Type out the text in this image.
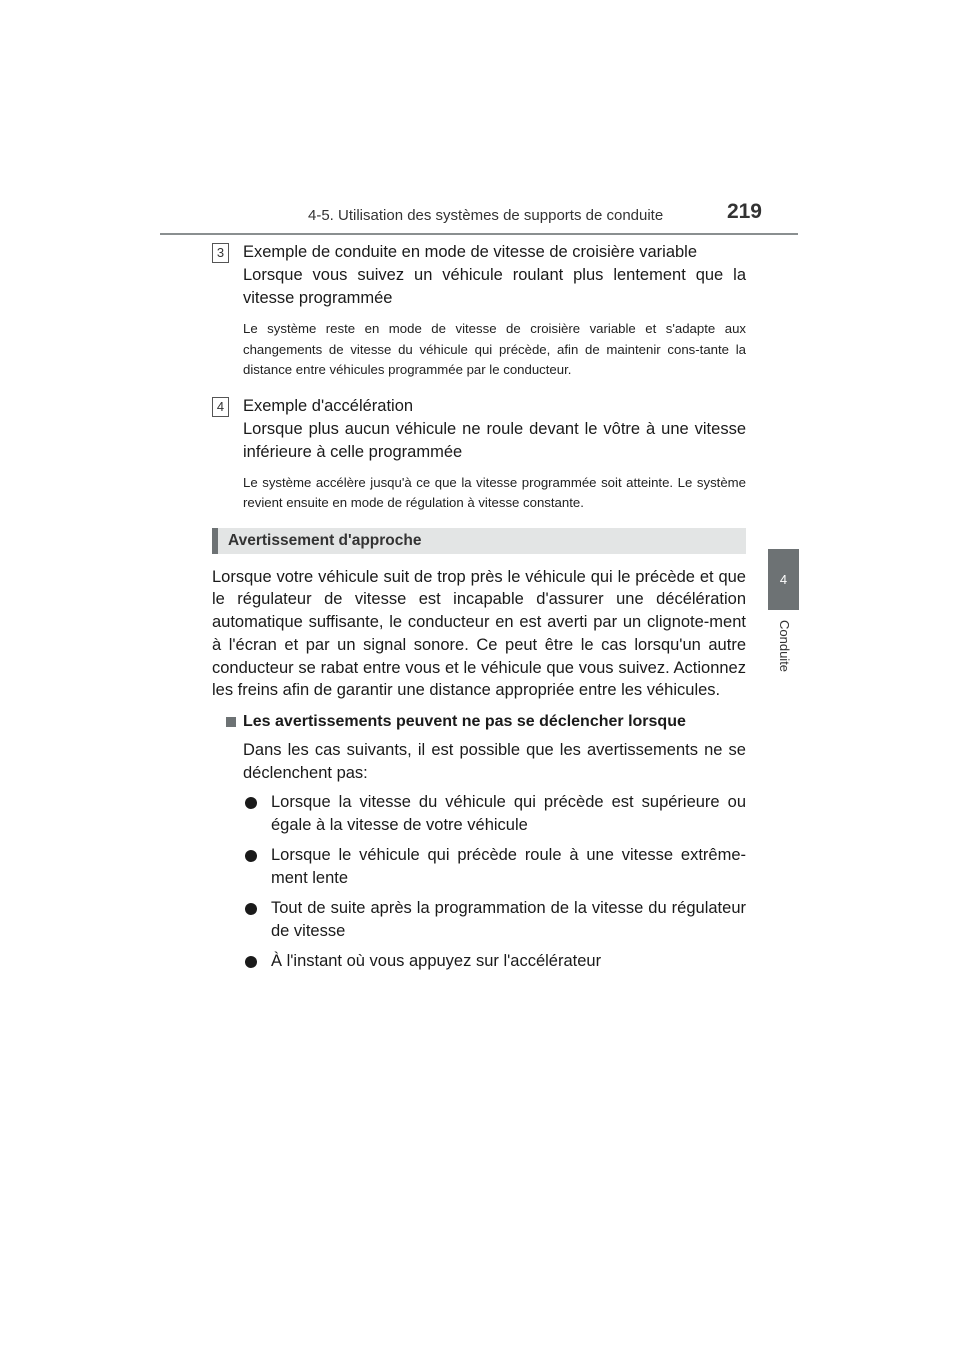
4-5. Utilisation des systèmes de supports de conduite	219
4
Conduite
3 Exemple de conduite en mode de vitesse de croisière variable
Lorsque vous suivez un véhicule roulant plus lentement que la vitesse programmée
Le système reste en mode de vitesse de croisière variable et s'adapte aux changements de vitesse du véhicule qui précède, afin de maintenir cons-tante la distance entre véhicules programmée par le conducteur.
4 Exemple d'accélération
Lorsque plus aucun véhicule ne roule devant le vôtre à une vitesse inférieure à celle programmée
Le système accélère jusqu'à ce que la vitesse programmée soit atteinte. Le système revient ensuite en mode de régulation à vitesse constante.
Avertissement d'approche

Lorsque votre véhicule suit de trop près le véhicule qui le précède et que le régulateur de vitesse est incapable d'assurer une décélération automatique suffisante, le conducteur en est averti par un clignote-ment à l'écran et par un signal sonore. Ce peut être le cas lorsqu'un autre conducteur se rabat entre vous et le véhicule que vous suivez. Actionnez les freins afin de garantir une distance appropriée entre les véhicules.

Les avertissements peuvent ne pas se déclencher lorsque
Dans les cas suivants, il est possible que les avertissements ne se déclenchent pas:
Lorsque la vitesse du véhicule qui précède est supérieure ou égale à la vitesse de votre véhicule
Lorsque le véhicule qui précède roule à une vitesse extrême-ment lente
Tout de suite après la programmation de la vitesse du régulateur de vitesse
À l'instant où vous appuyez sur l'accélérateur
